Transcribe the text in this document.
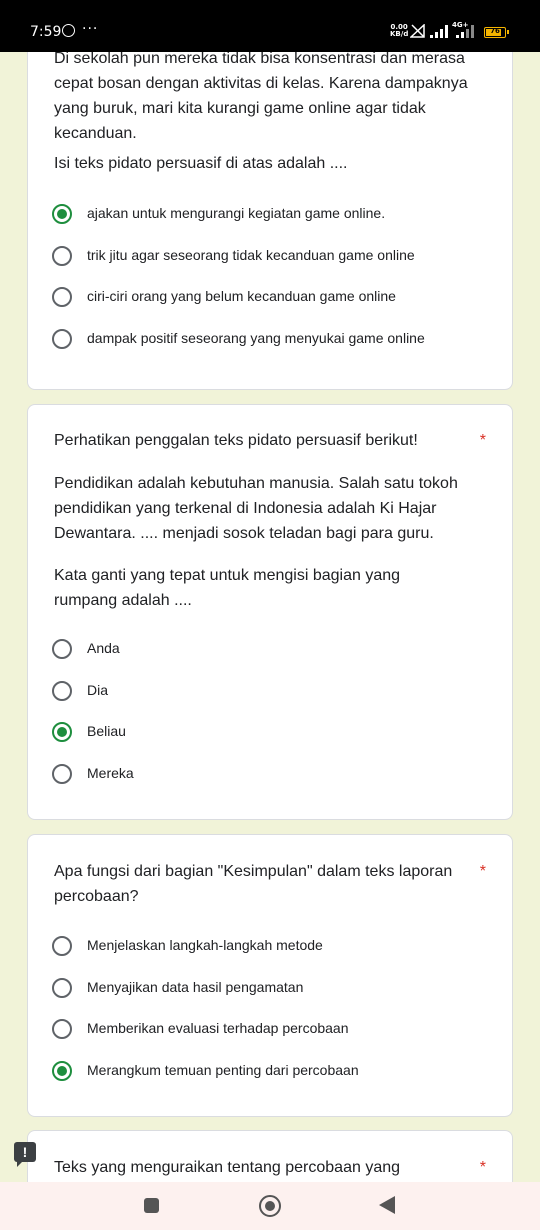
7:59 ···	0.00
KB/d
4G+
76
Di sekolah pun mereka tidak bisa konsentrasi dan merasa
cepat bosan dengan aktivitas di kelas. Karena dampaknya
yang buruk, mari kita kurangi game online agar tidak
kecanduan.
Isi teks pidato persuasif di atas adalah ....
ajakan untuk mengurangi kegiatan game online.
trik jitu agar seseorang tidak kecanduan game online
ciri-ciri orang yang belum kecanduan game online
dampak positif seseorang yang menyukai game online
Perhatikan penggalan teks pidato persuasif berikut!	*
Pendidikan adalah kebutuhan manusia. Salah satu tokoh
pendidikan yang terkenal di Indonesia adalah Ki Hajar
Dewantara. .... menjadi sosok teladan bagi para guru.
Kata ganti yang tepat untuk mengisi bagian yang
rumpang adalah ....
Anda
Dia
Beliau
Mereka
Apa fungsi dari bagian "Kesimpulan" dalam teks laporan
percobaan?
*
Menjelaskan langkah-langkah metode
Menyajikan data hasil pengamatan
Memberikan evaluasi terhadap percobaan
Merangkum temuan penting dari percobaan
Teks yang menguraikan tentang percobaan yang	*
!
